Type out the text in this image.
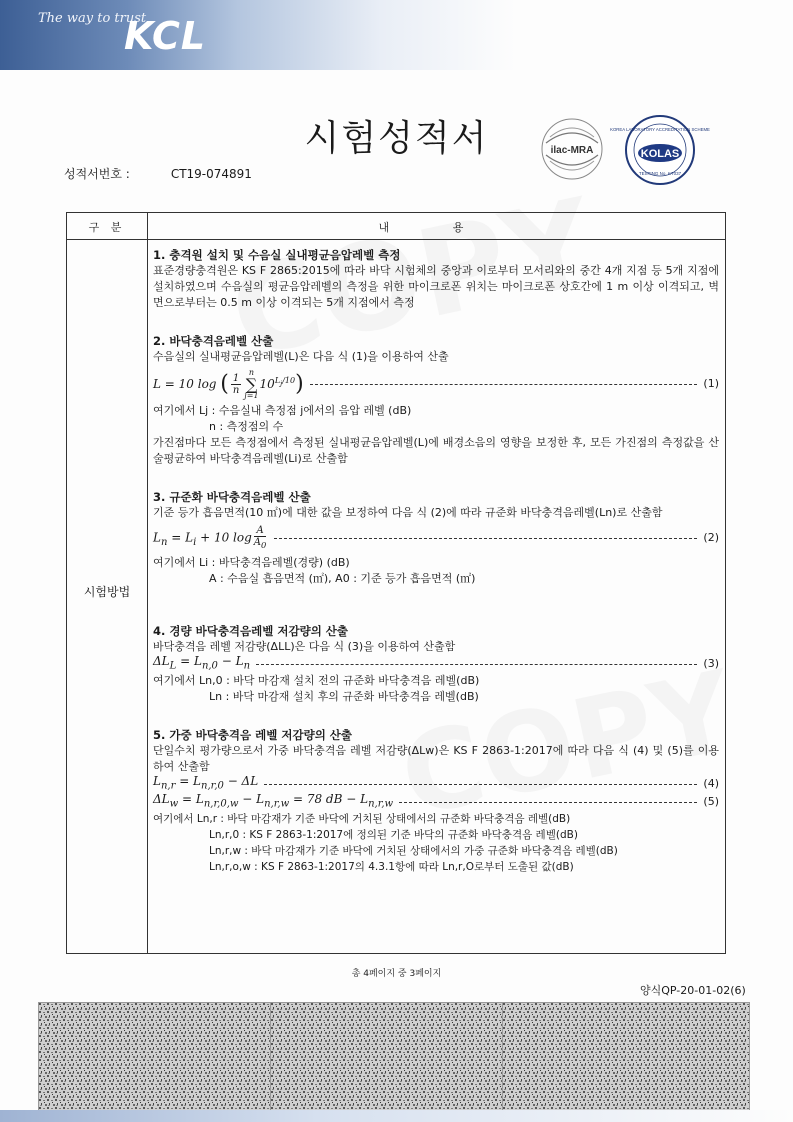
The way to trust
KCL
시험성적서
성적서번호 :	CT19-074891
ilac-MRA	KOLAS
KOREA LABORATORY ACCREDITATION SCHEME
TESTING No. KT037
구 분	내 용
시험방법

1. 충격원 설치 및 수음실 실내평균음압레벨 측정

표준경량충격원은 KS F 2865:2015에 따라 바닥 시험체의 중앙과 이로부터 모서리와의 중간 4개 지점 등 5개 지점에 설치하였으며 수음실의 평균음압레벨의 측정을 위한 마이크로폰 위치는 마이크로폰 상호간에 1 m 이상 이격되고, 벽면으로부터는 0.5 m 이상 이격되는 5개 지점에서 측정

2. 바닥충격음레벨 산출

수음실의 실내평균음압레벨(L)은 다음 식 (1)을 이용하여 산출

L = 10 log ( $\frac{1}{n}$
n
∑
j=1
$10^{L_j/10}$)	(1)

여기에서 Lj : 수음실내 측정점 j에서의 음압 레벨 (dB)

n : 측정점의 수

가진점마다 모든 측정점에서 측정된 실내평균음압레벨(L)에 배경소음의 영향을 보정한 후, 모든 가진점의 측정값을 산술평균하여 바닥충격음레벨(Li)로 산출함

3. 규준화 바닥충격음레벨 산출

기준 등가 흡음면적(10 ㎡)에 대한 값을 보정하여 다음 식 (2)에 따라 규준화 바닥충격음레벨(Ln)로 산출함

$L_n = L_i + 10$ $\log \frac{A}{A_0}$	(2)

여기에서 Li : 바닥충격음레벨(경량) (dB)

A : 수음실 흡음면적 (㎡), A0 : 기준 등가 흡음면적 (㎡)

4. 경량 바닥충격음레벨 저감량의 산출

바닥충격음 레벨 저감량(ΔLL)은 다음 식 (3)을 이용하여 산출함

$\Delta L_L = L_{n,0} - L_n$	(3)

여기에서 Ln,0 : 바닥 마감재 설치 전의 규준화 바닥충격음 레벨(dB)

Ln : 바닥 마감재 설치 후의 규준화 바닥충격음 레벨(dB)

5. 가중 바닥충격음 레벨 저감량의 산출

단일수치 평가량으로서 가중 바닥충격음 레벨 저감량(ΔLw)은 KS F 2863-1:2017에 따라 다음 식 (4) 및 (5)를 이용하여 산출함

$L_{n,r} = L_{n,r,0} - \Delta L$	(4)
$\Delta L_w = L_{n,r,0,w} - L_{n,r,w} = 78$ dB − $L_{n,r,w}$	(5)

여기에서 Ln,r : 바닥 마감재가 기준 바닥에 거치된 상태에서의 규준화 바닥충격음 레벨(dB)

Ln,r,0 : KS F 2863-1:2017에 정의된 기준 바닥의 규준화 바닥충격음 레벨(dB)

Ln,r,w : 바닥 마감재가 기준 바닥에 거치된 상태에서의 가중 규준화 바닥충격음 레벨(dB)

Ln,r,o,w : KS F 2863-1:2017의 4.3.1항에 따라 Ln,r,O로부터 도출된 값(dB)

총 4페이지 중 3페이지
양식QP-20-01-02(6)
